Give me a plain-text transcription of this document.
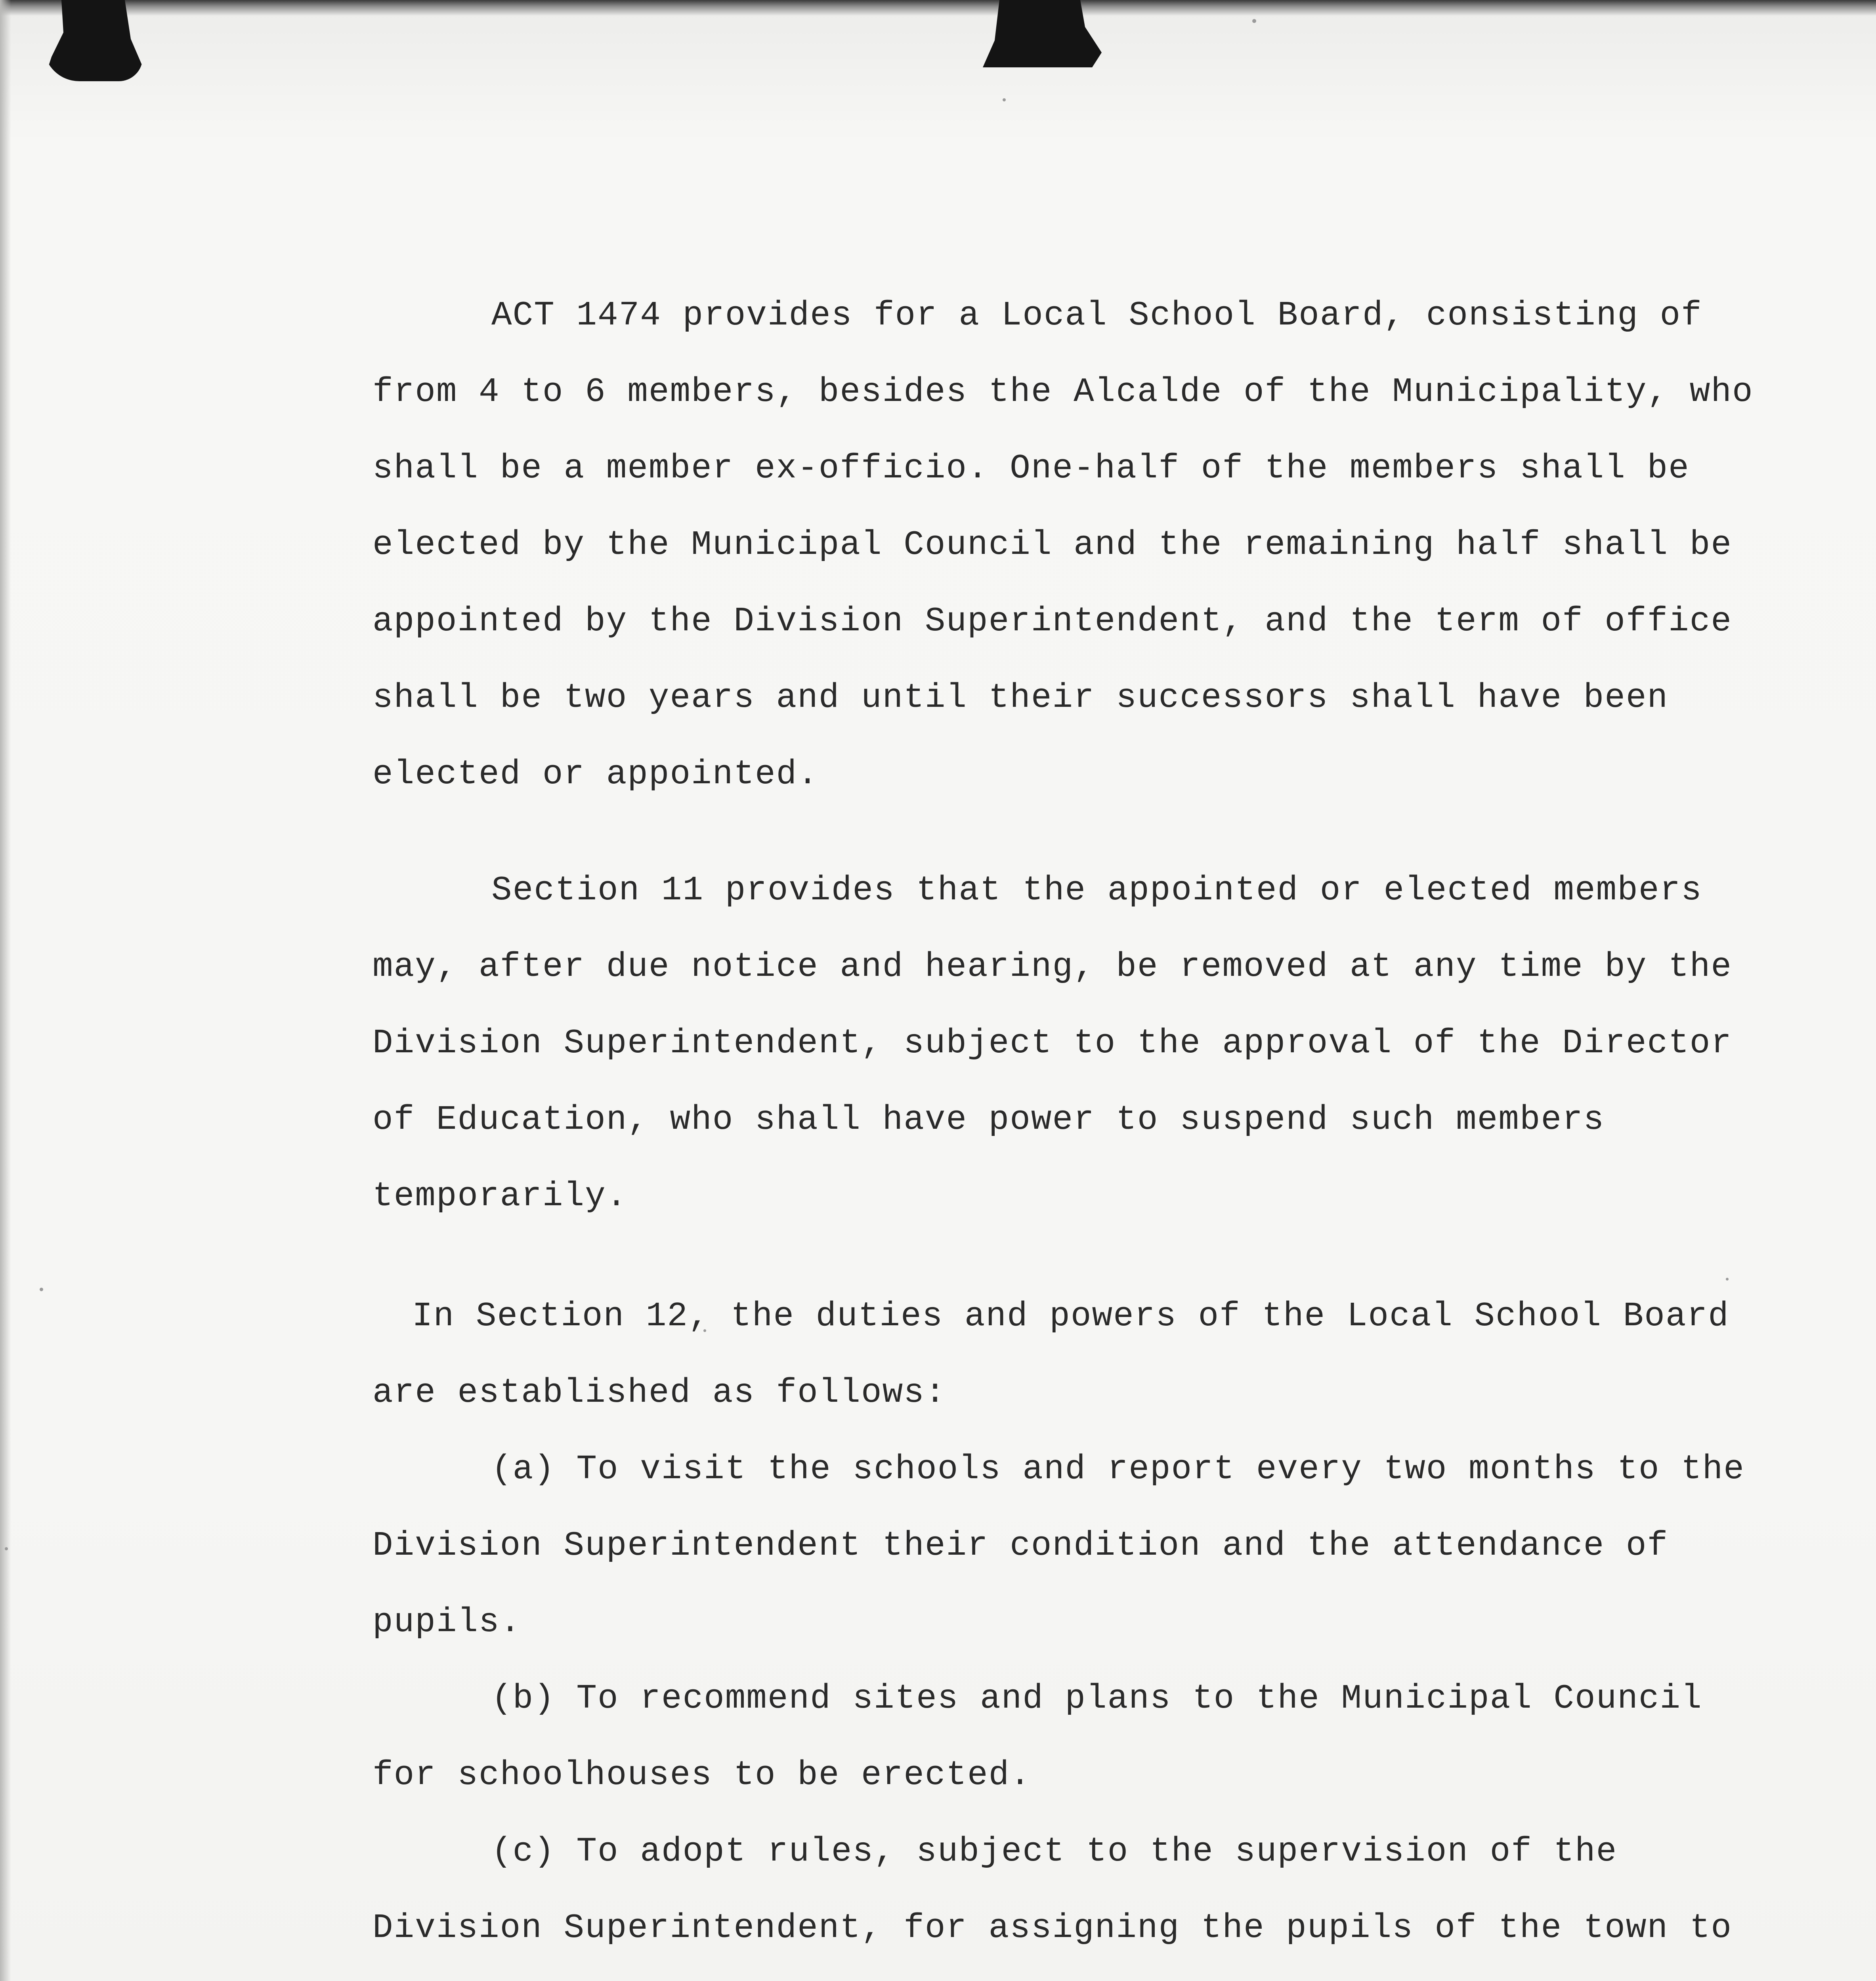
ACT 1474 provides for a Local School Board, consisting of from 4 to 6 members, besides the Alcalde of the Municipality, who shall be a member ex-officio. One-half of the members shall be elected by the Municipal Council and the remaining half shall be appointed by the Division Superintendent, and the term of office shall be two years and until their successors shall have been elected or appointed.

Section 11 provides that the appointed or elected members may, after due notice and hearing, be removed at any time by the Division Superintendent, subject to the approval of the Director of Education, who shall have power to suspend such members temporarily.

In Section 12, the duties and powers of the Local School Board are established as follows:

(a) To visit the schools and report every two months to the Division Superintendent their condition and the attendance of pupils.

(b) To recommend sites and plans to the Municipal Council for schoolhouses to be erected.

(c) To adopt rules, subject to the supervision of the Division Superintendent, for assigning the pupils of the town to
